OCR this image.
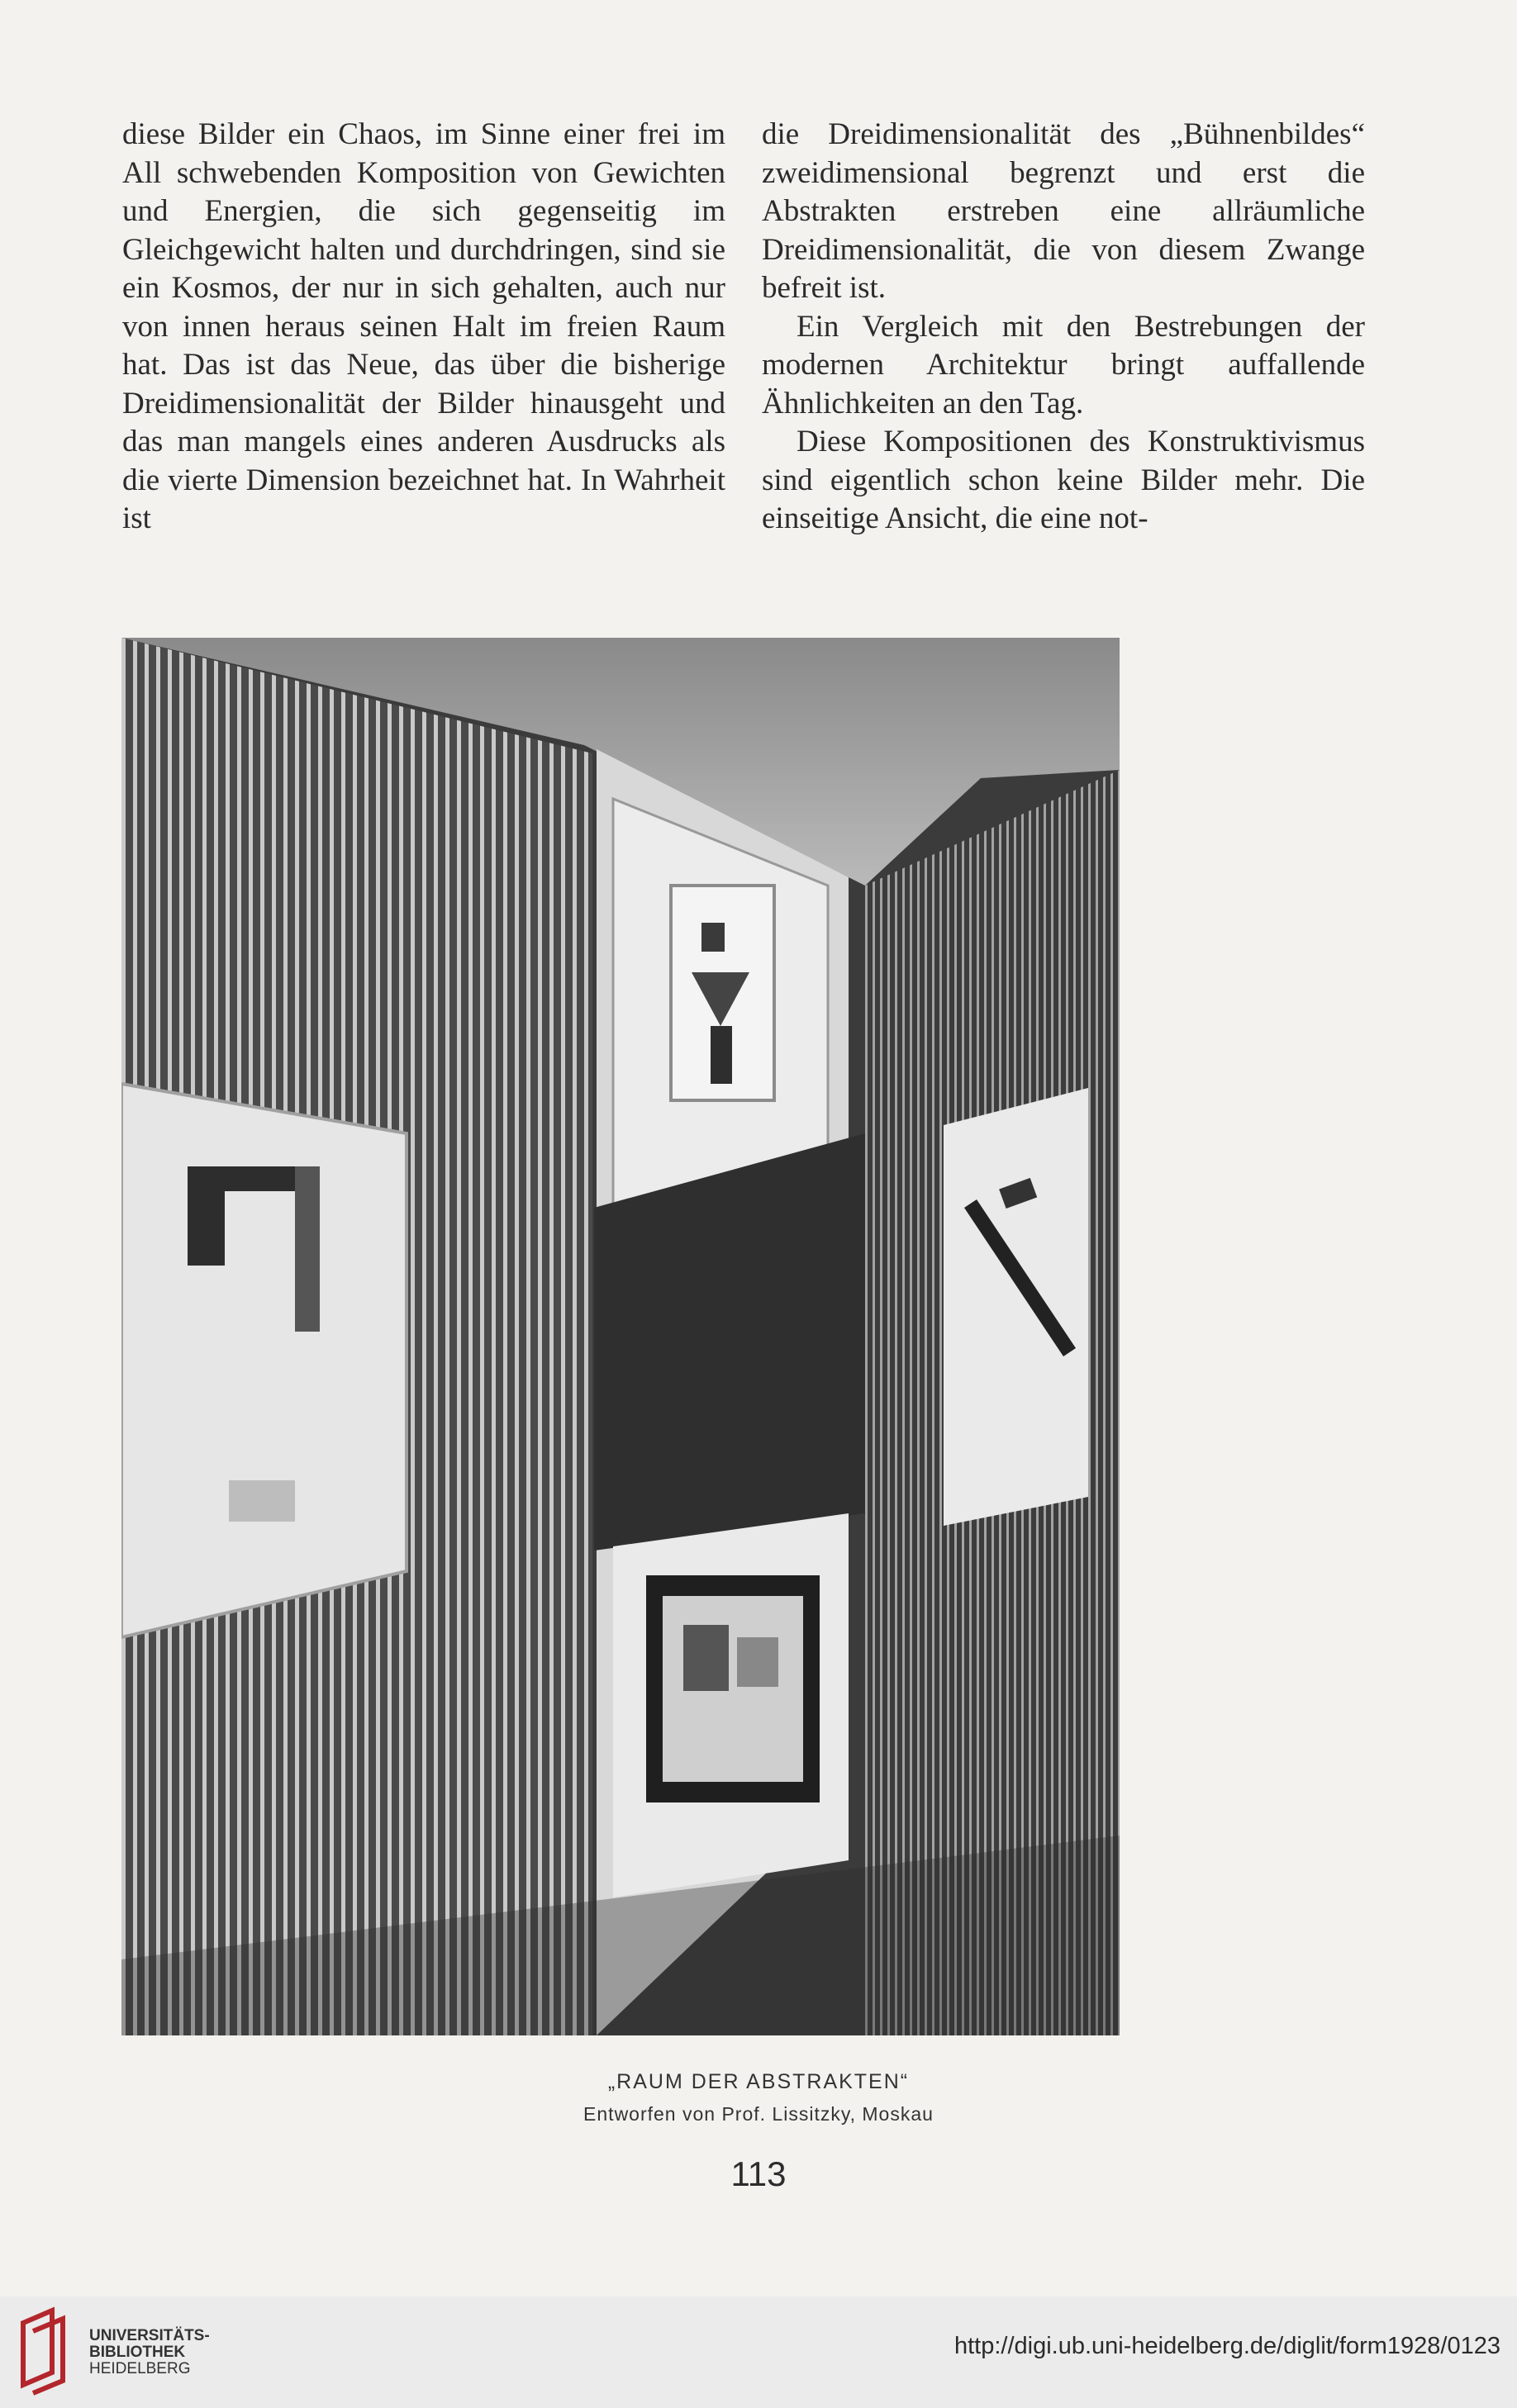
diese Bilder ein Chaos, im Sinne einer frei im All schwebenden Komposition von Gewichten und Energien, die sich gegenseitig im Gleichgewicht halten und durchdringen, sind sie ein Kosmos, der nur in sich gehalten, auch nur von innen heraus seinen Halt im freien Raum hat. Das ist das Neue, das über die bisherige Dreidimensionalität der Bilder hinausgeht und das man mangels eines anderen Ausdrucks als die vierte Dimension bezeichnet hat. In Wahrheit ist

die Dreidimensionalität des „Bühnenbildes“ zweidimensional begrenzt und erst die Abstrakten erstreben eine allräumliche Dreidimensionalität, die von diesem Zwange befreit ist.

Ein Vergleich mit den Bestrebungen der modernen Architektur bringt auffallende Ähnlichkeiten an den Tag.

Diese Kompositionen des Konstruktivismus sind eigentlich schon keine Bilder mehr. Die einseitige Ansicht, die eine not-

„RAUM DER ABSTRAKTEN“
Entworfen von Prof. Lissitzky, Moskau
113
UNIVERSITÄTS-
BIBLIOTHEK
HEIDELBERG
http://digi.ub.uni-heidelberg.de/diglit/form1928/0123
